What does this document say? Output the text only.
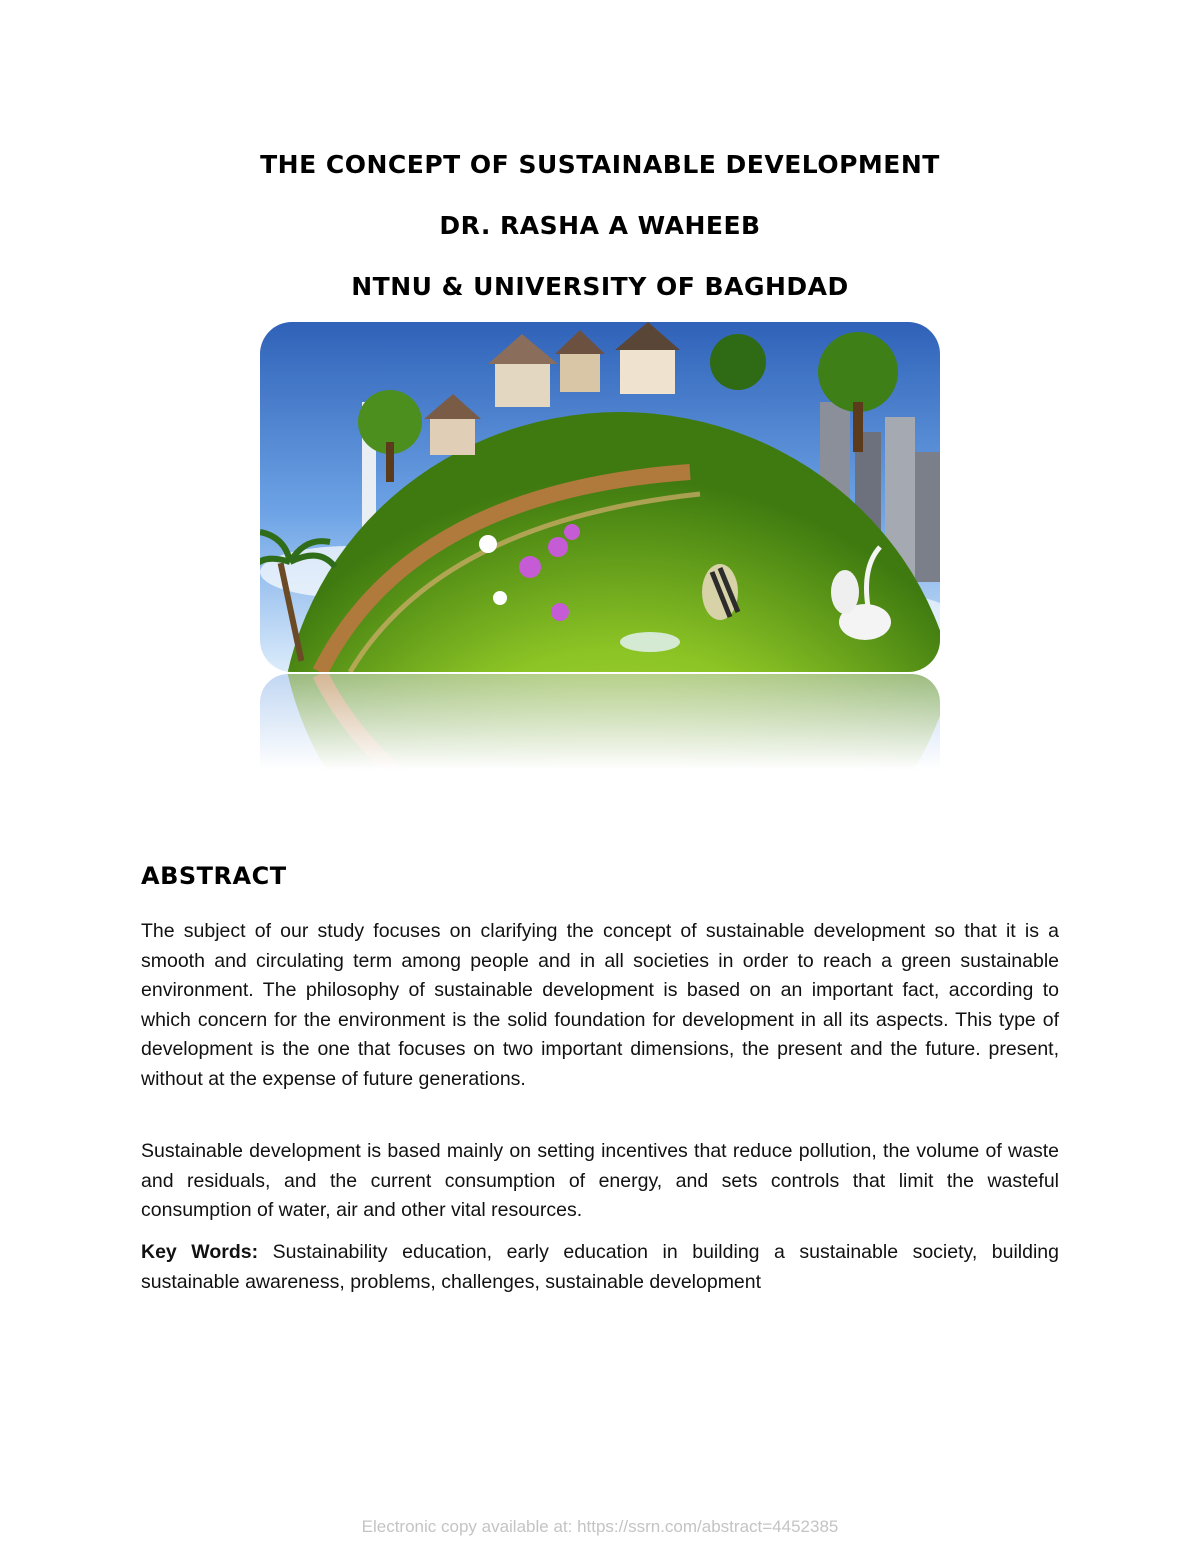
THE CONCEPT OF SUSTAINABLE DEVELOPMENT
DR. RASHA A WAHEEB
NTNU & UNIVERSITY OF BAGHDAD
ABSTRACT

The subject of our study focuses on clarifying the concept of sustainable development so that it is a smooth and circulating term among people and in all societies in order to reach a green sustainable environment. The philosophy of sustainable development is based on an important fact, according to which concern for the environment is the solid foundation for development in all its aspects. This type of development is the one that focuses on two important dimensions, the present and the future. present, without at the expense of future generations.

Sustainable development is based mainly on setting incentives that reduce pollution, the volume of waste and residuals, and the current consumption of energy, and sets controls that limit the wasteful consumption of water, air and other vital resources.

Key Words: Sustainability education, early education in building a sustainable society, building sustainable awareness, problems, challenges, sustainable development

Electronic copy available at: https://ssrn.com/abstract=4452385
